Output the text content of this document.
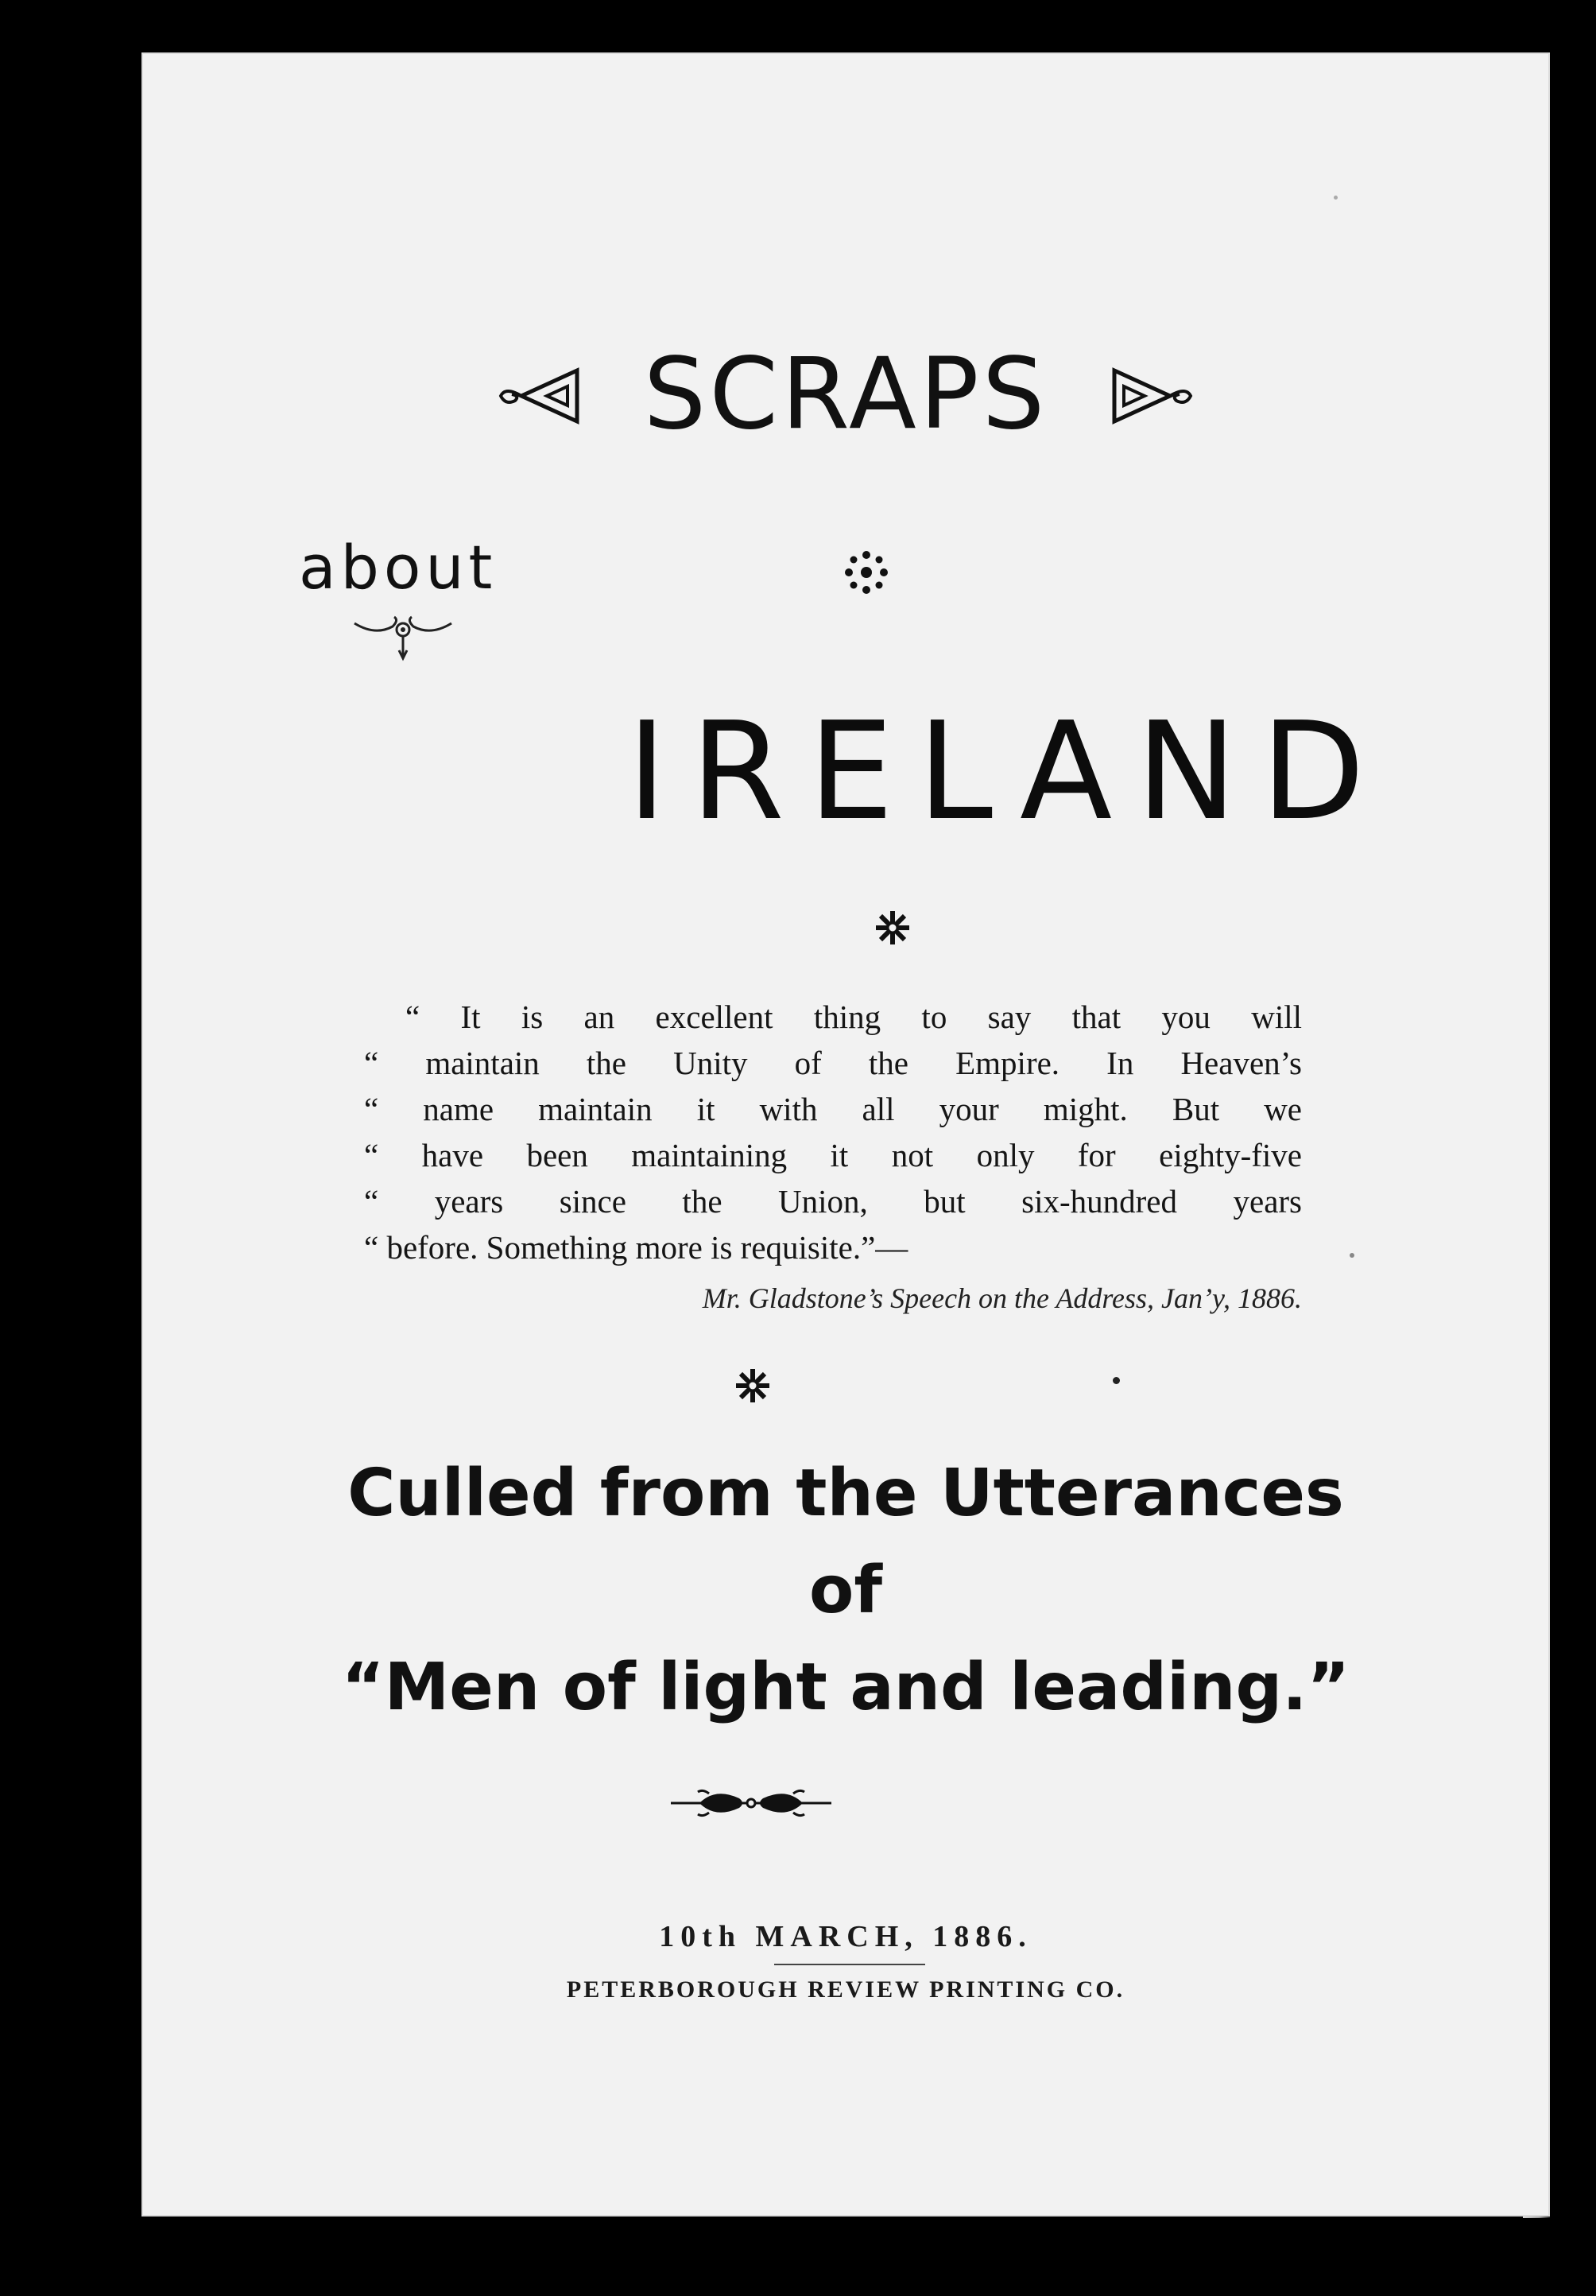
SCRAPS
about
IRELAND
“ It is an excellent thing to say that you will
“ maintain the Unity of the Empire. In Heaven’s
“ name maintain it with all your might. But we
“ have been maintaining it not only for eighty-five
“ years since the Union, but six-hundred years
“ before. Something more is requisite.”—
Mr. Gladstone’s Speech on the Address, Jan’y, 1886.
Culled from the Utterances
of
“Men of light and leading.”
10th MARCH, 1886.
PETERBOROUGH REVIEW PRINTING CO.
